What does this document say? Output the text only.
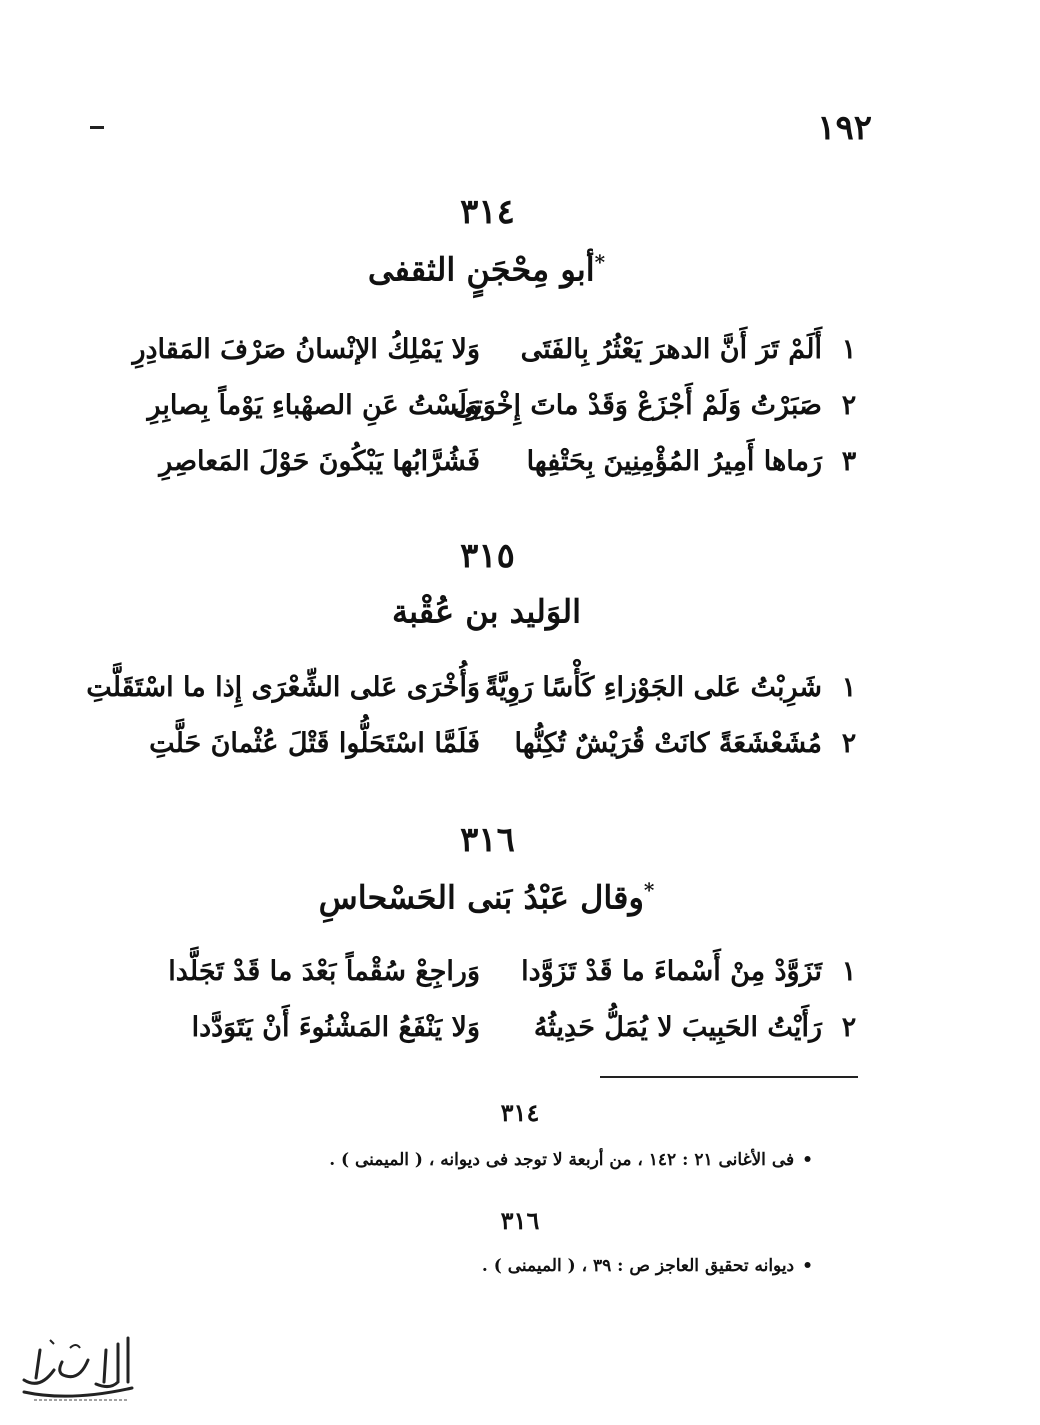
١٩٢
٣١٤
*أبو مِحْجَنٍ الثقفى
١
أَلَمْ تَرَ أَنَّ الدهرَ يَعْثُرُ بِالفَتَى
وَلا يَمْلِكُ الإنْسانُ صَرْفَ المَقادِرِ
٢
صَبَرْتُ وَلَمْ أَجْزَعْ وَقَدْ ماتَ إِخْوَتِى
وَلَسْتُ عَنِ الصهْباءِ يَوْماً بِصابِرِ
٣
رَماها أَمِيرُ المُؤْمِنِينَ بِحَتْفِها
فَشُرَّابُها يَبْكُونَ حَوْلَ المَعاصِرِ
٣١٥
الوَليد بن عُقْبة
١
شَرِبْتُ عَلى الجَوْزاءِ كَأْسًا رَوِيَّةً
وَأُخْرَى عَلى الشِّعْرَى إِذا ما اسْتَقَلَّتِ
٢
مُشَعْشَعَةً كانَتْ قُرَيْشٌ تُكِنُّها
فَلَمَّا اسْتَحَلُّوا قَتْلَ عُثْمانَ حَلَّتِ
٣١٦
*وقال عَبْدُ بَنى الحَسْحاسِ
١
تَزَوَّدْ مِنْ أَسْماءَ ما قَدْ تَزَوَّدا
وَراجِعْ سُقْماً بَعْدَ ما قَدْ تَجَلَّدا
٢
رَأَيْتُ الحَبِيبَ لا يُمَلُّ حَدِيثُهُ
وَلا يَنْفَعُ المَشْنُوءَ أَنْ يَتَوَدَّدا
٣١٤
•فى الأغانى ٢١ : ١٤٢ ، من أربعة لا توجد فى ديوانه ، ( الميمنى ) .
٣١٦
•ديوانه تحقيق العاجز ص : ٣٩ ، ( الميمنى ) .
